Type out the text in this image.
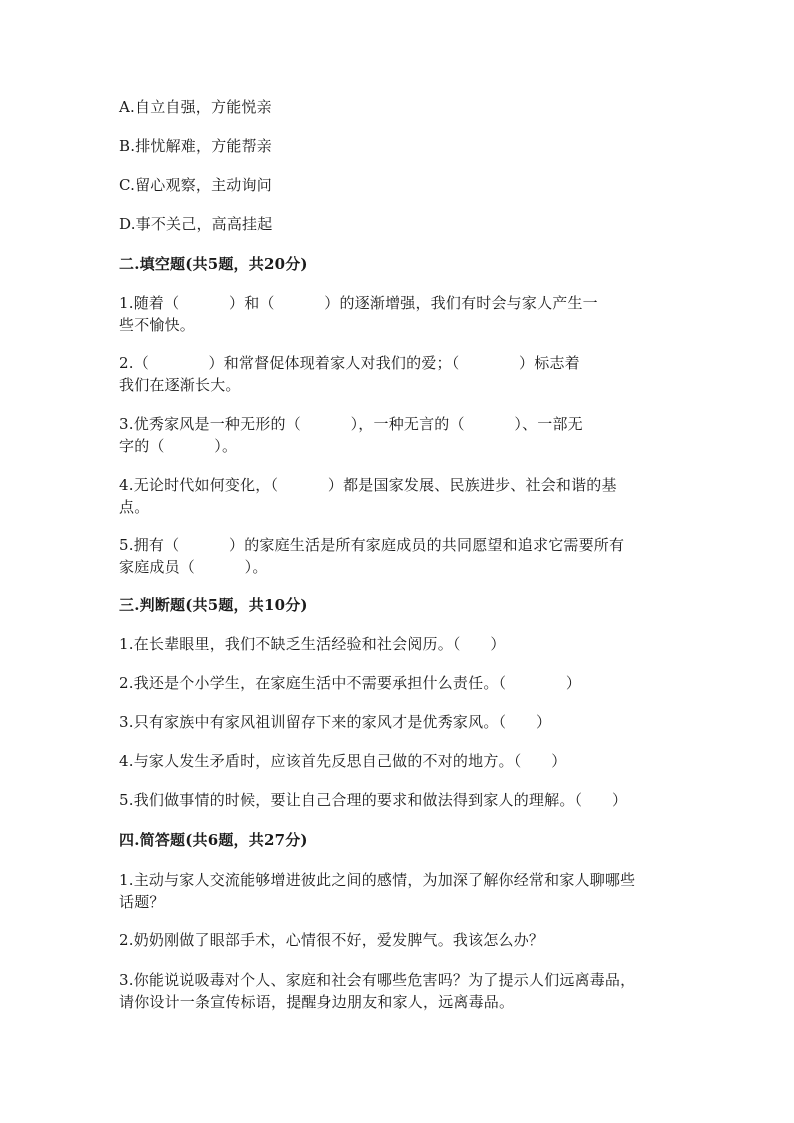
A.自立自强，方能悦亲
B.排忧解难，方能帮亲
C.留心观察，主动询问
D.事不关己，高高挂起
二.填空题(共5题，共20分)
1.随着（          ）和（          ）的逐渐增强，我们有时会与家人产生一
些不愉快。
2.（            ）和常督促体现着家人对我们的爱；（            ）标志着
我们在逐渐长大。
3.优秀家风是一种无形的（          ），一种无言的（          ）、一部无
字的（          ）。
4.无论时代如何变化，（          ）都是国家发展、民族进步、社会和谐的基
点。
5.拥有（          ）的家庭生活是所有家庭成员的共同愿望和追求它需要所有
家庭成员（          ）。
三.判断题(共5题，共10分)
1.在长辈眼里，我们不缺乏生活经验和社会阅历。（      ）
2.我还是个小学生，在家庭生活中不需要承担什么责任。（            ）
3.只有家族中有家风祖训留存下来的家风才是优秀家风。（      ）
4.与家人发生矛盾时，应该首先反思自己做的不对的地方。（      ）
5.我们做事情的时候，要让自己合理的要求和做法得到家人的理解。（      ）
四.简答题(共6题，共27分)
1.主动与家人交流能够增进彼此之间的感情，为加深了解你经常和家人聊哪些
话题？
2.奶奶刚做了眼部手术，心情很不好，爱发脾气。我该怎么办？
3.你能说说吸毒对个人、家庭和社会有哪些危害吗？为了提示人们远离毒品，
请你设计一条宣传标语，提醒身边朋友和家人，远离毒品。
